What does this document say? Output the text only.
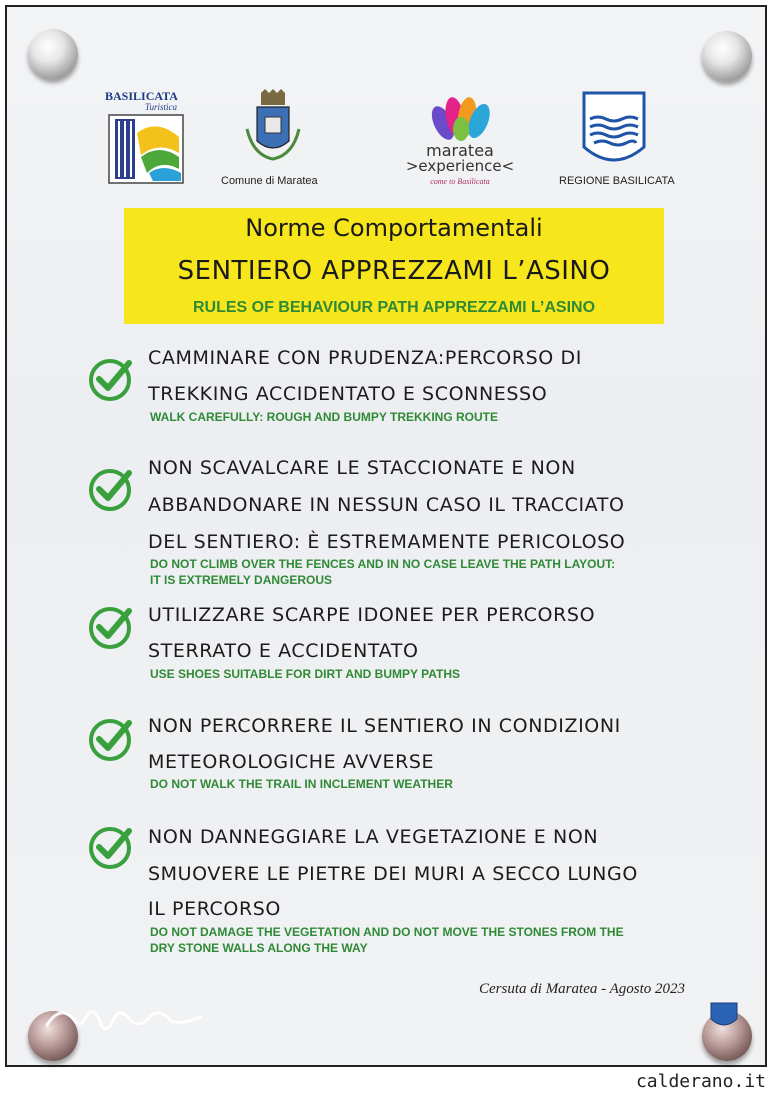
BASILICATA
Turistica
Comune di Maratea
maratea
>experience<
come to Basilicata	REGIONE BASILICATA
Norme Comportamentali
SENTIERO APPREZZAMI L’ASINO
RULES OF BEHAVIOUR PATH APPREZZAMI L’ASINO
CAMMINARE CON PRUDENZA:PERCORSO DI
TREKKING ACCIDENTATO E SCONNESSO
WALK CAREFULLY: ROUGH AND BUMPY TREKKING ROUTE
NON SCAVALCARE LE STACCIONATE E NON
ABBANDONARE IN NESSUN CASO IL TRACCIATO
DEL SENTIERO: È ESTREMAMENTE PERICOLOSO
DO NOT CLIMB OVER THE FENCES AND IN NO CASE LEAVE THE PATH LAYOUT:
IT IS EXTREMELY DANGEROUS
UTILIZZARE SCARPE IDONEE PER PERCORSO
STERRATO E ACCIDENTATO
USE SHOES SUITABLE FOR DIRT AND BUMPY PATHS
NON PERCORRERE IL SENTIERO IN CONDIZIONI
METEOROLOGICHE AVVERSE
DO NOT WALK THE TRAIL IN INCLEMENT WEATHER
NON DANNEGGIARE LA VEGETAZIONE E NON
SMUOVERE LE PIETRE DEI MURI A SECCO LUNGO
IL PERCORSO
DO NOT DAMAGE THE VEGETATION AND DO NOT MOVE THE STONES FROM THE
DRY STONE WALLS ALONG THE WAY
Cersuta di Maratea - Agosto 2023
calderano.it
